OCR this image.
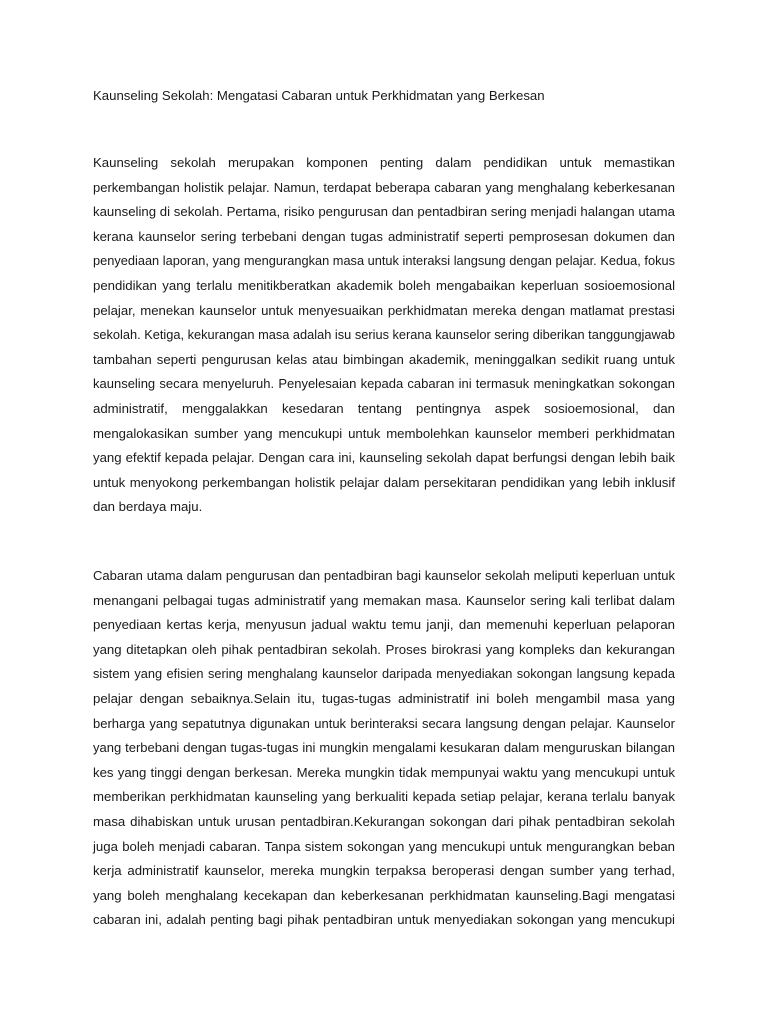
Kaunseling Sekolah: Mengatasi Cabaran untuk Perkhidmatan yang Berkesan

Kaunseling sekolah merupakan komponen penting dalam pendidikan untuk memastikan
perkembangan holistik pelajar. Namun, terdapat beberapa cabaran yang menghalang keberkesanan
kaunseling di sekolah. Pertama, risiko pengurusan dan pentadbiran sering menjadi halangan utama
kerana kaunselor sering terbebani dengan tugas administratif seperti pemprosesan dokumen dan
penyediaan laporan, yang mengurangkan masa untuk interaksi langsung dengan pelajar. Kedua, fokus
pendidikan yang terlalu menitikberatkan akademik boleh mengabaikan keperluan sosioemosional
pelajar, menekan kaunselor untuk menyesuaikan perkhidmatan mereka dengan matlamat prestasi
sekolah. Ketiga, kekurangan masa adalah isu serius kerana kaunselor sering diberikan tanggungjawab
tambahan seperti pengurusan kelas atau bimbingan akademik, meninggalkan sedikit ruang untuk
kaunseling secara menyeluruh. Penyelesaian kepada cabaran ini termasuk meningkatkan sokongan
administratif, menggalakkan kesedaran tentang pentingnya aspek sosioemosional, dan
mengalokasikan sumber yang mencukupi untuk membolehkan kaunselor memberi perkhidmatan
yang efektif kepada pelajar. Dengan cara ini, kaunseling sekolah dapat berfungsi dengan lebih baik
untuk menyokong perkembangan holistik pelajar dalam persekitaran pendidikan yang lebih inklusif
dan berdaya maju.

Cabaran utama dalam pengurusan dan pentadbiran bagi kaunselor sekolah meliputi keperluan untuk
menangani pelbagai tugas administratif yang memakan masa. Kaunselor sering kali terlibat dalam
penyediaan kertas kerja, menyusun jadual waktu temu janji, dan memenuhi keperluan pelaporan
yang ditetapkan oleh pihak pentadbiran sekolah. Proses birokrasi yang kompleks dan kekurangan
sistem yang efisien sering menghalang kaunselor daripada menyediakan sokongan langsung kepada
pelajar dengan sebaiknya.Selain itu, tugas-tugas administratif ini boleh mengambil masa yang
berharga yang sepatutnya digunakan untuk berinteraksi secara langsung dengan pelajar. Kaunselor
yang terbebani dengan tugas-tugas ini mungkin mengalami kesukaran dalam menguruskan bilangan
kes yang tinggi dengan berkesan. Mereka mungkin tidak mempunyai waktu yang mencukupi untuk
memberikan perkhidmatan kaunseling yang berkualiti kepada setiap pelajar, kerana terlalu banyak
masa dihabiskan untuk urusan pentadbiran.Kekurangan sokongan dari pihak pentadbiran sekolah
juga boleh menjadi cabaran. Tanpa sistem sokongan yang mencukupi untuk mengurangkan beban
kerja administratif kaunselor, mereka mungkin terpaksa beroperasi dengan sumber yang terhad,
yang boleh menghalang kecekapan dan keberkesanan perkhidmatan kaunseling.Bagi mengatasi
cabaran ini, adalah penting bagi pihak pentadbiran untuk menyediakan sokongan yang mencukupi
